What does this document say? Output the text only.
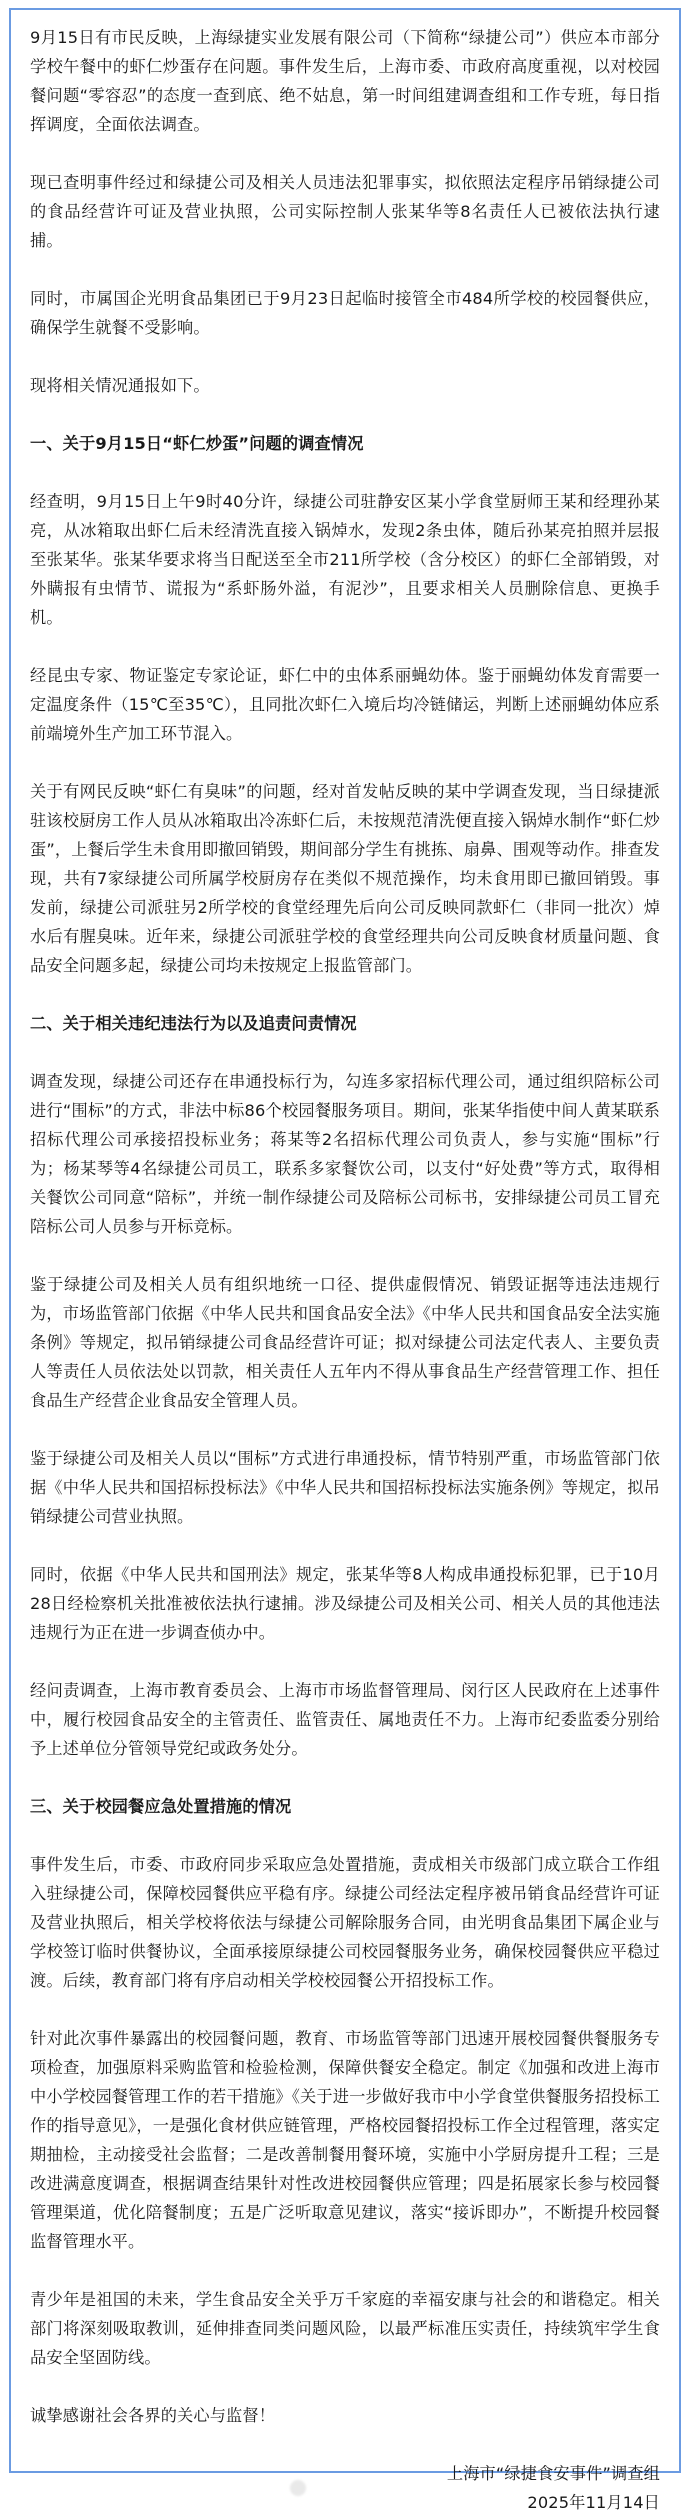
9月15日有市民反映，上海绿捷实业发展有限公司（下简称“绿捷公司”）供应本市部分学校午餐中的虾仁炒蛋存在问题。事件发生后，上海市委、市政府高度重视，以对校园餐问题“零容忍”的态度一查到底、绝不姑息，第一时间组建调查组和工作专班，每日指挥调度，全面依法调查。

现已查明事件经过和绿捷公司及相关人员违法犯罪事实，拟依照法定程序吊销绿捷公司的食品经营许可证及营业执照，公司实际控制人张某华等8名责任人已被依法执行逮捕。

同时，市属国企光明食品集团已于9月23日起临时接管全市484所学校的校园餐供应，确保学生就餐不受影响。

现将相关情况通报如下。

一、关于9月15日“虾仁炒蛋”问题的调查情况

经查明，9月15日上午9时40分许，绿捷公司驻静安区某小学食堂厨师王某和经理孙某亮，从冰箱取出虾仁后未经清洗直接入锅焯水，发现2条虫体，随后孙某亮拍照并层报至张某华。张某华要求将当日配送至全市211所学校（含分校区）的虾仁全部销毁，对外瞒报有虫情节、谎报为“系虾肠外溢，有泥沙”，且要求相关人员删除信息、更换手机。

经昆虫专家、物证鉴定专家论证，虾仁中的虫体系丽蝇幼体。鉴于丽蝇幼体发育需要一定温度条件（15℃至35℃），且同批次虾仁入境后均冷链储运，判断上述丽蝇幼体应系前端境外生产加工环节混入。

关于有网民反映“虾仁有臭味”的问题，经对首发帖反映的某中学调查发现，当日绿捷派驻该校厨房工作人员从冰箱取出冷冻虾仁后，未按规范清洗便直接入锅焯水制作“虾仁炒蛋”，上餐后学生未食用即撤回销毁，期间部分学生有挑拣、扇鼻、围观等动作。排查发现，共有7家绿捷公司所属学校厨房存在类似不规范操作，均未食用即已撤回销毁。事发前，绿捷公司派驻另2所学校的食堂经理先后向公司反映同款虾仁（非同一批次）焯水后有腥臭味。近年来，绿捷公司派驻学校的食堂经理共向公司反映食材质量问题、食品安全问题多起，绿捷公司均未按规定上报监管部门。

二、关于相关违纪违法行为以及追责问责情况

调查发现，绿捷公司还存在串通投标行为，勾连多家招标代理公司，通过组织陪标公司进行“围标”的方式，非法中标86个校园餐服务项目。期间，张某华指使中间人黄某联系招标代理公司承接招投标业务；蒋某等2名招标代理公司负责人，参与实施“围标”行为；杨某琴等4名绿捷公司员工，联系多家餐饮公司，以支付“好处费”等方式，取得相关餐饮公司同意“陪标”，并统一制作绿捷公司及陪标公司标书，安排绿捷公司员工冒充陪标公司人员参与开标竞标。

鉴于绿捷公司及相关人员有组织地统一口径、提供虚假情况、销毁证据等违法违规行为，市场监管部门依据《中华人民共和国食品安全法》《中华人民共和国食品安全法实施条例》等规定，拟吊销绿捷公司食品经营许可证；拟对绿捷公司法定代表人、主要负责人等责任人员依法处以罚款，相关责任人五年内不得从事食品生产经营管理工作、担任食品生产经营企业食品安全管理人员。

鉴于绿捷公司及相关人员以“围标”方式进行串通投标，情节特别严重，市场监管部门依据《中华人民共和国招标投标法》《中华人民共和国招标投标法实施条例》等规定，拟吊销绿捷公司营业执照。

同时，依据《中华人民共和国刑法》规定，张某华等8人构成串通投标犯罪，已于10月28日经检察机关批准被依法执行逮捕。涉及绿捷公司及相关公司、相关人员的其他违法违规行为正在进一步调查侦办中。

经问责调查，上海市教育委员会、上海市市场监督管理局、闵行区人民政府在上述事件中，履行校园食品安全的主管责任、监管责任、属地责任不力。上海市纪委监委分别给予上述单位分管领导党纪或政务处分。

三、关于校园餐应急处置措施的情况

事件发生后，市委、市政府同步采取应急处置措施，责成相关市级部门成立联合工作组入驻绿捷公司，保障校园餐供应平稳有序。绿捷公司经法定程序被吊销食品经营许可证及营业执照后，相关学校将依法与绿捷公司解除服务合同，由光明食品集团下属企业与学校签订临时供餐协议，全面承接原绿捷公司校园餐服务业务，确保校园餐供应平稳过渡。后续，教育部门将有序启动相关学校校园餐公开招投标工作。

针对此次事件暴露出的校园餐问题，教育、市场监管等部门迅速开展校园餐供餐服务专项检查，加强原料采购监管和检验检测，保障供餐安全稳定。制定《加强和改进上海市中小学校园餐管理工作的若干措施》《关于进一步做好我市中小学食堂供餐服务招投标工作的指导意见》，一是强化食材供应链管理，严格校园餐招投标工作全过程管理，落实定期抽检，主动接受社会监督；二是改善制餐用餐环境，实施中小学厨房提升工程；三是改进满意度调查，根据调查结果针对性改进校园餐供应管理；四是拓展家长参与校园餐管理渠道，优化陪餐制度；五是广泛听取意见建议，落实“接诉即办”，不断提升校园餐监督管理水平。

青少年是祖国的未来，学生食品安全关乎万千家庭的幸福安康与社会的和谐稳定。相关部门将深刻吸取教训，延伸排查同类问题风险，以最严标准压实责任，持续筑牢学生食品安全坚固防线。

诚挚感谢社会各界的关心与监督！

上海市“绿捷食安事件”调查组

2025年11月14日
